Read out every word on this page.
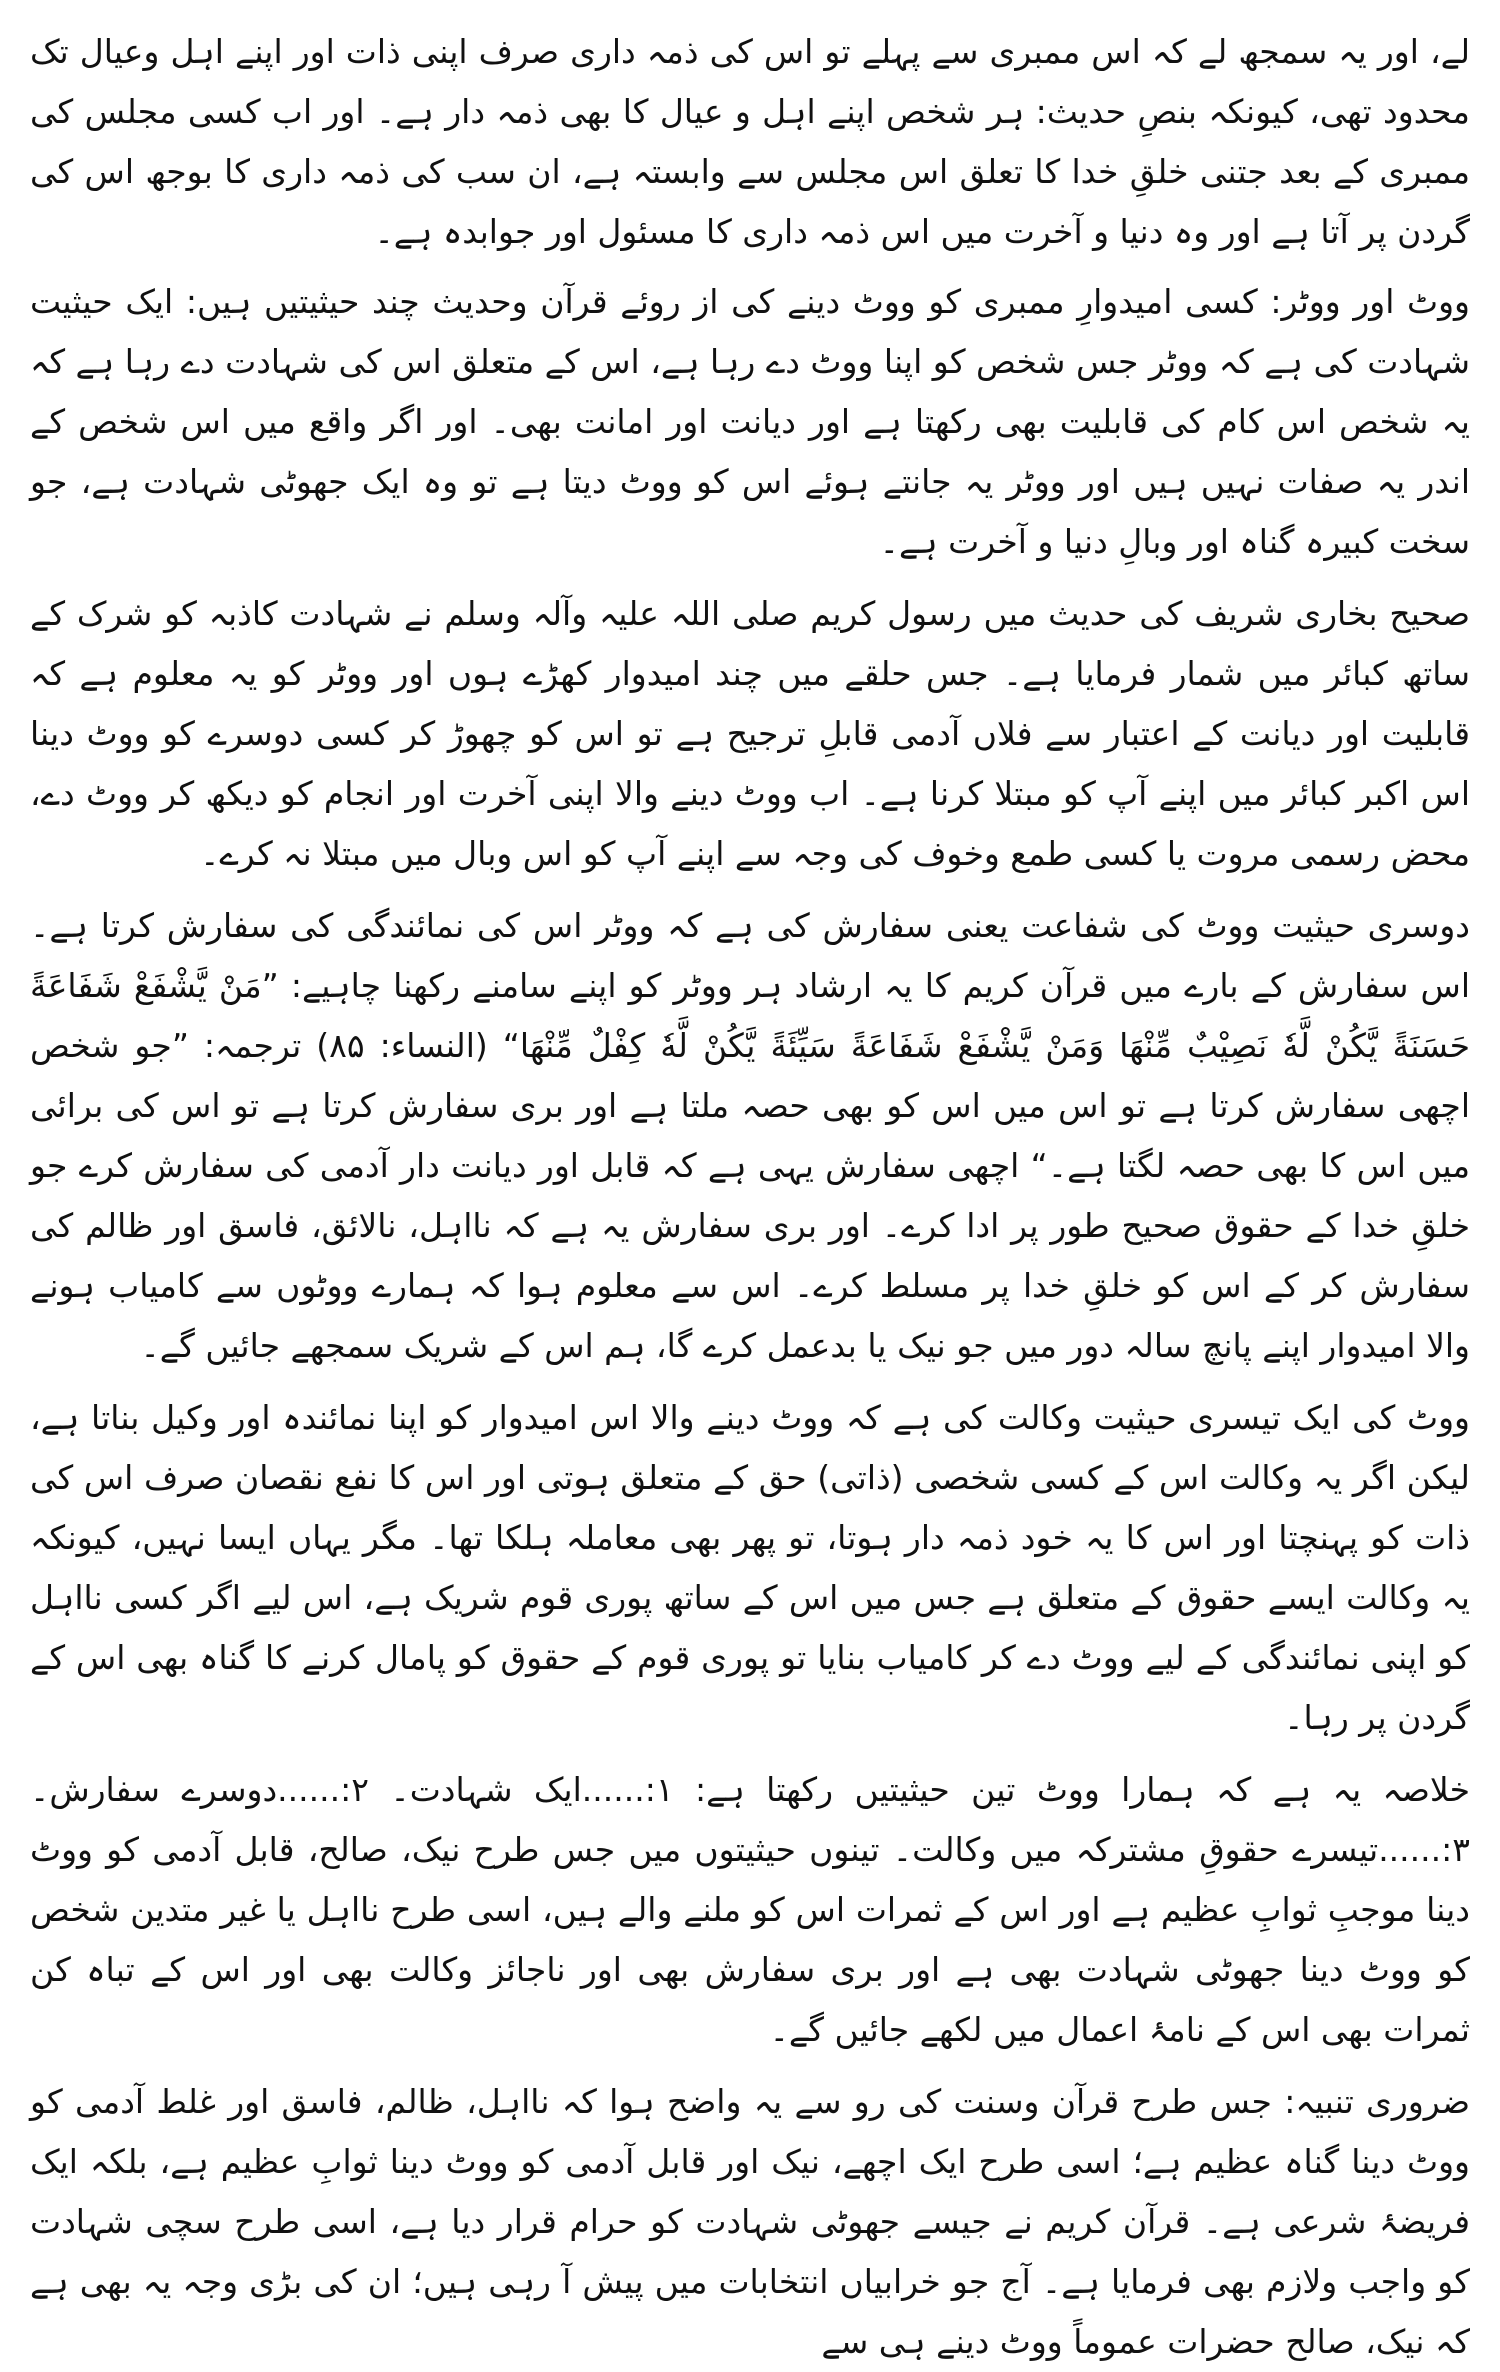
لے، اور یہ سمجھ لے کہ اس ممبری سے پہلے تو اس کی ذمہ داری صرف اپنی ذات اور اپنے اہل وعیال تک محدود تھی، کیونکہ بنصِ حدیث: ہر شخص اپنے اہل و عیال کا بھی ذمہ دار ہے۔ اور اب کسی مجلس کی ممبری کے بعد جتنی خلقِ خدا کا تعلق اس مجلس سے وابستہ ہے، ان سب کی ذمہ داری کا بوجھ اس کی گردن پر آتا ہے اور وہ دنیا و آخرت میں اس ذمہ داری کا مسئول اور جوابدہ ہے۔

ووٹ اور ووٹر: کسی امیدوارِ ممبری کو ووٹ دینے کی از روئے قرآن وحدیث چند حیثیتیں ہیں: ایک حیثیت شہادت کی ہے کہ ووٹر جس شخص کو اپنا ووٹ دے رہا ہے، اس کے متعلق اس کی شہادت دے رہا ہے کہ یہ شخص اس کام کی قابلیت بھی رکھتا ہے اور دیانت اور امانت بھی۔ اور اگر واقع میں اس شخص کے اندر یہ صفات نہیں ہیں اور ووٹر یہ جانتے ہوئے اس کو ووٹ دیتا ہے تو وہ ایک جھوٹی شہادت ہے، جو سخت کبیرہ گناہ اور وبالِ دنیا و آخرت ہے۔

صحیح بخاری شریف کی حدیث میں رسول کریم صلی اللہ علیہ وآلہ وسلم نے شہادت کاذبہ کو شرک کے ساتھ کبائر میں شمار فرمایا ہے۔ جس حلقے میں چند امیدوار کھڑے ہوں اور ووٹر کو یہ معلوم ہے کہ قابلیت اور دیانت کے اعتبار سے فلاں آدمی قابلِ ترجیح ہے تو اس کو چھوڑ کر کسی دوسرے کو ووٹ دینا اس اکبر کبائر میں اپنے آپ کو مبتلا کرنا ہے۔ اب ووٹ دینے والا اپنی آخرت اور انجام کو دیکھ کر ووٹ دے، محض رسمی مروت یا کسی طمع وخوف کی وجہ سے اپنے آپ کو اس وبال میں مبتلا نہ کرے۔

دوسری حیثیت ووٹ کی شفاعت یعنی سفارش کی ہے کہ ووٹر اس کی نمائندگی کی سفارش کرتا ہے۔ اس سفارش کے بارے میں قرآن کریم کا یہ ارشاد ہر ووٹر کو اپنے سامنے رکھنا چاہیے: ”مَنْ يَّشْفَعْ شَفَاعَةً حَسَنَةً يَّكُنْ لَّهٗ نَصِيْبٌ مِّنْهَا وَمَنْ يَّشْفَعْ شَفَاعَةً سَيِّئَةً يَّكُنْ لَّهٗ كِفْلٌ مِّنْهَا“ (النساء: ۸۵) ترجمہ: ”جو شخص اچھی سفارش کرتا ہے تو اس میں اس کو بھی حصہ ملتا ہے اور بری سفارش کرتا ہے تو اس کی برائی میں اس کا بھی حصہ لگتا ہے۔“ اچھی سفارش یہی ہے کہ قابل اور دیانت دار آدمی کی سفارش کرے جو خلقِ خدا کے حقوق صحیح طور پر ادا کرے۔ اور بری سفارش یہ ہے کہ نااہل، نالائق، فاسق اور ظالم کی سفارش کر کے اس کو خلقِ خدا پر مسلط کرے۔ اس سے معلوم ہوا کہ ہمارے ووٹوں سے کامیاب ہونے والا امیدوار اپنے پانچ سالہ دور میں جو نیک یا بدعمل کرے گا، ہم اس کے شریک سمجھے جائیں گے۔

ووٹ کی ایک تیسری حیثیت وکالت کی ہے کہ ووٹ دینے والا اس امیدوار کو اپنا نمائندہ اور وکیل بناتا ہے، لیکن اگر یہ وکالت اس کے کسی شخصی (ذاتی) حق کے متعلق ہوتی اور اس کا نفع نقصان صرف اس کی ذات کو پہنچتا اور اس کا یہ خود ذمہ دار ہوتا، تو پھر بھی معاملہ ہلکا تھا۔ مگر یہاں ایسا نہیں، کیونکہ یہ وکالت ایسے حقوق کے متعلق ہے جس میں اس کے ساتھ پوری قوم شریک ہے، اس لیے اگر کسی نااہل کو اپنی نمائندگی کے لیے ووٹ دے کر کامیاب بنایا تو پوری قوم کے حقوق کو پامال کرنے کا گناہ بھی اس کے گردن پر رہا۔

خلاصہ یہ ہے کہ ہمارا ووٹ تین حیثیتیں رکھتا ہے: ۱:......ایک شہادت۔ ۲:......دوسرے سفارش۔ ۳:......تیسرے حقوقِ مشترکہ میں وکالت۔ تینوں حیثیتوں میں جس طرح نیک، صالح، قابل آدمی کو ووٹ دینا موجبِ ثوابِ عظیم ہے اور اس کے ثمرات اس کو ملنے والے ہیں، اسی طرح نااہل یا غیر متدین شخص کو ووٹ دینا جھوٹی شہادت بھی ہے اور بری سفارش بھی اور ناجائز وکالت بھی اور اس کے تباہ کن ثمرات بھی اس کے نامۂ اعمال میں لکھے جائیں گے۔

ضروری تنبیہ: جس طرح قرآن وسنت کی رو سے یہ واضح ہوا کہ نااہل، ظالم، فاسق اور غلط آدمی کو ووٹ دینا گناہ عظیم ہے؛ اسی طرح ایک اچھے، نیک اور قابل آدمی کو ووٹ دینا ثوابِ عظیم ہے، بلکہ ایک فریضۂ شرعی ہے۔ قرآن کریم نے جیسے جھوٹی شہادت کو حرام قرار دیا ہے، اسی طرح سچی شہادت کو واجب ولازم بھی فرمایا ہے۔ آج جو خرابیاں انتخابات میں پیش آ رہی ہیں؛ ان کی بڑی وجہ یہ بھی ہے کہ نیک، صالح حضرات عموماً ووٹ دینے ہی سے
